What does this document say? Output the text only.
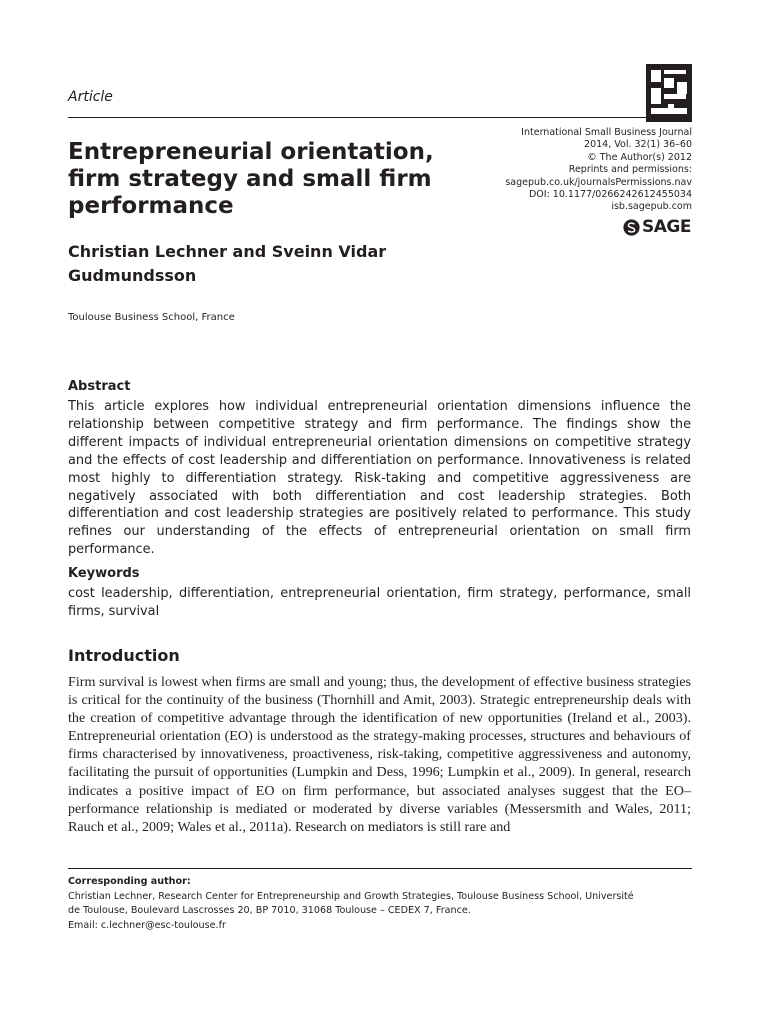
Article
Entrepreneurial orientation,
firm strategy and small firm
performance
International Small Business Journal
2014, Vol. 32(1) 36–60
© The Author(s) 2012
Reprints and permissions:
sagepub.co.uk/journalsPermissions.nav
DOI: 10.1177/0266242612455034
isb.sagepub.com
SAGE
Christian Lechner and Sveinn Vidar
Gudmundsson
Toulouse Business School, France
Abstract

This article explores how individual entrepreneurial orientation dimensions influence the relationship between competitive strategy and firm performance. The findings show the different impacts of individual entrepreneurial orientation dimensions on competitive strategy and the effects of cost leadership and differentiation on performance. Innovativeness is related most highly to differentiation strategy. Risk-taking and competitive aggressiveness are negatively associated with both differentiation and cost leadership strategies. Both differentiation and cost leadership strategies are positively related to performance. This study refines our understanding of the effects of entrepreneurial orientation on small firm performance.

Keywords

cost leadership, differentiation, entrepreneurial orientation, firm strategy, performance, small firms, survival

Introduction

Firm survival is lowest when firms are small and young; thus, the development of effective business strategies is critical for the continuity of the business (Thornhill and Amit, 2003). Strategic entrepreneurship deals with the creation of competitive advantage through the identification of new opportunities (Ireland et al., 2003). Entrepreneurial orientation (EO) is understood as the strategy-making processes, structures and behaviours of firms characterised by innovativeness, proactiveness, risk-taking, competitive aggressiveness and autonomy, facilitating the pursuit of opportunities (Lumpkin and Dess, 1996; Lumpkin et al., 2009). In general, research indicates a positive impact of EO on firm performance, but associated analyses suggest that the EO–performance relationship is mediated or moderated by diverse variables (Messersmith and Wales, 2011; Rauch et al., 2009; Wales et al., 2011a). Research on mediators is still rare and

Corresponding author:
Christian Lechner, Research Center for Entrepreneurship and Growth Strategies, Toulouse Business School, Université
de Toulouse, Boulevard Lascrosses 20, BP 7010, 31068 Toulouse – CEDEX 7, France.
Email: c.lechner@esc-toulouse.fr
